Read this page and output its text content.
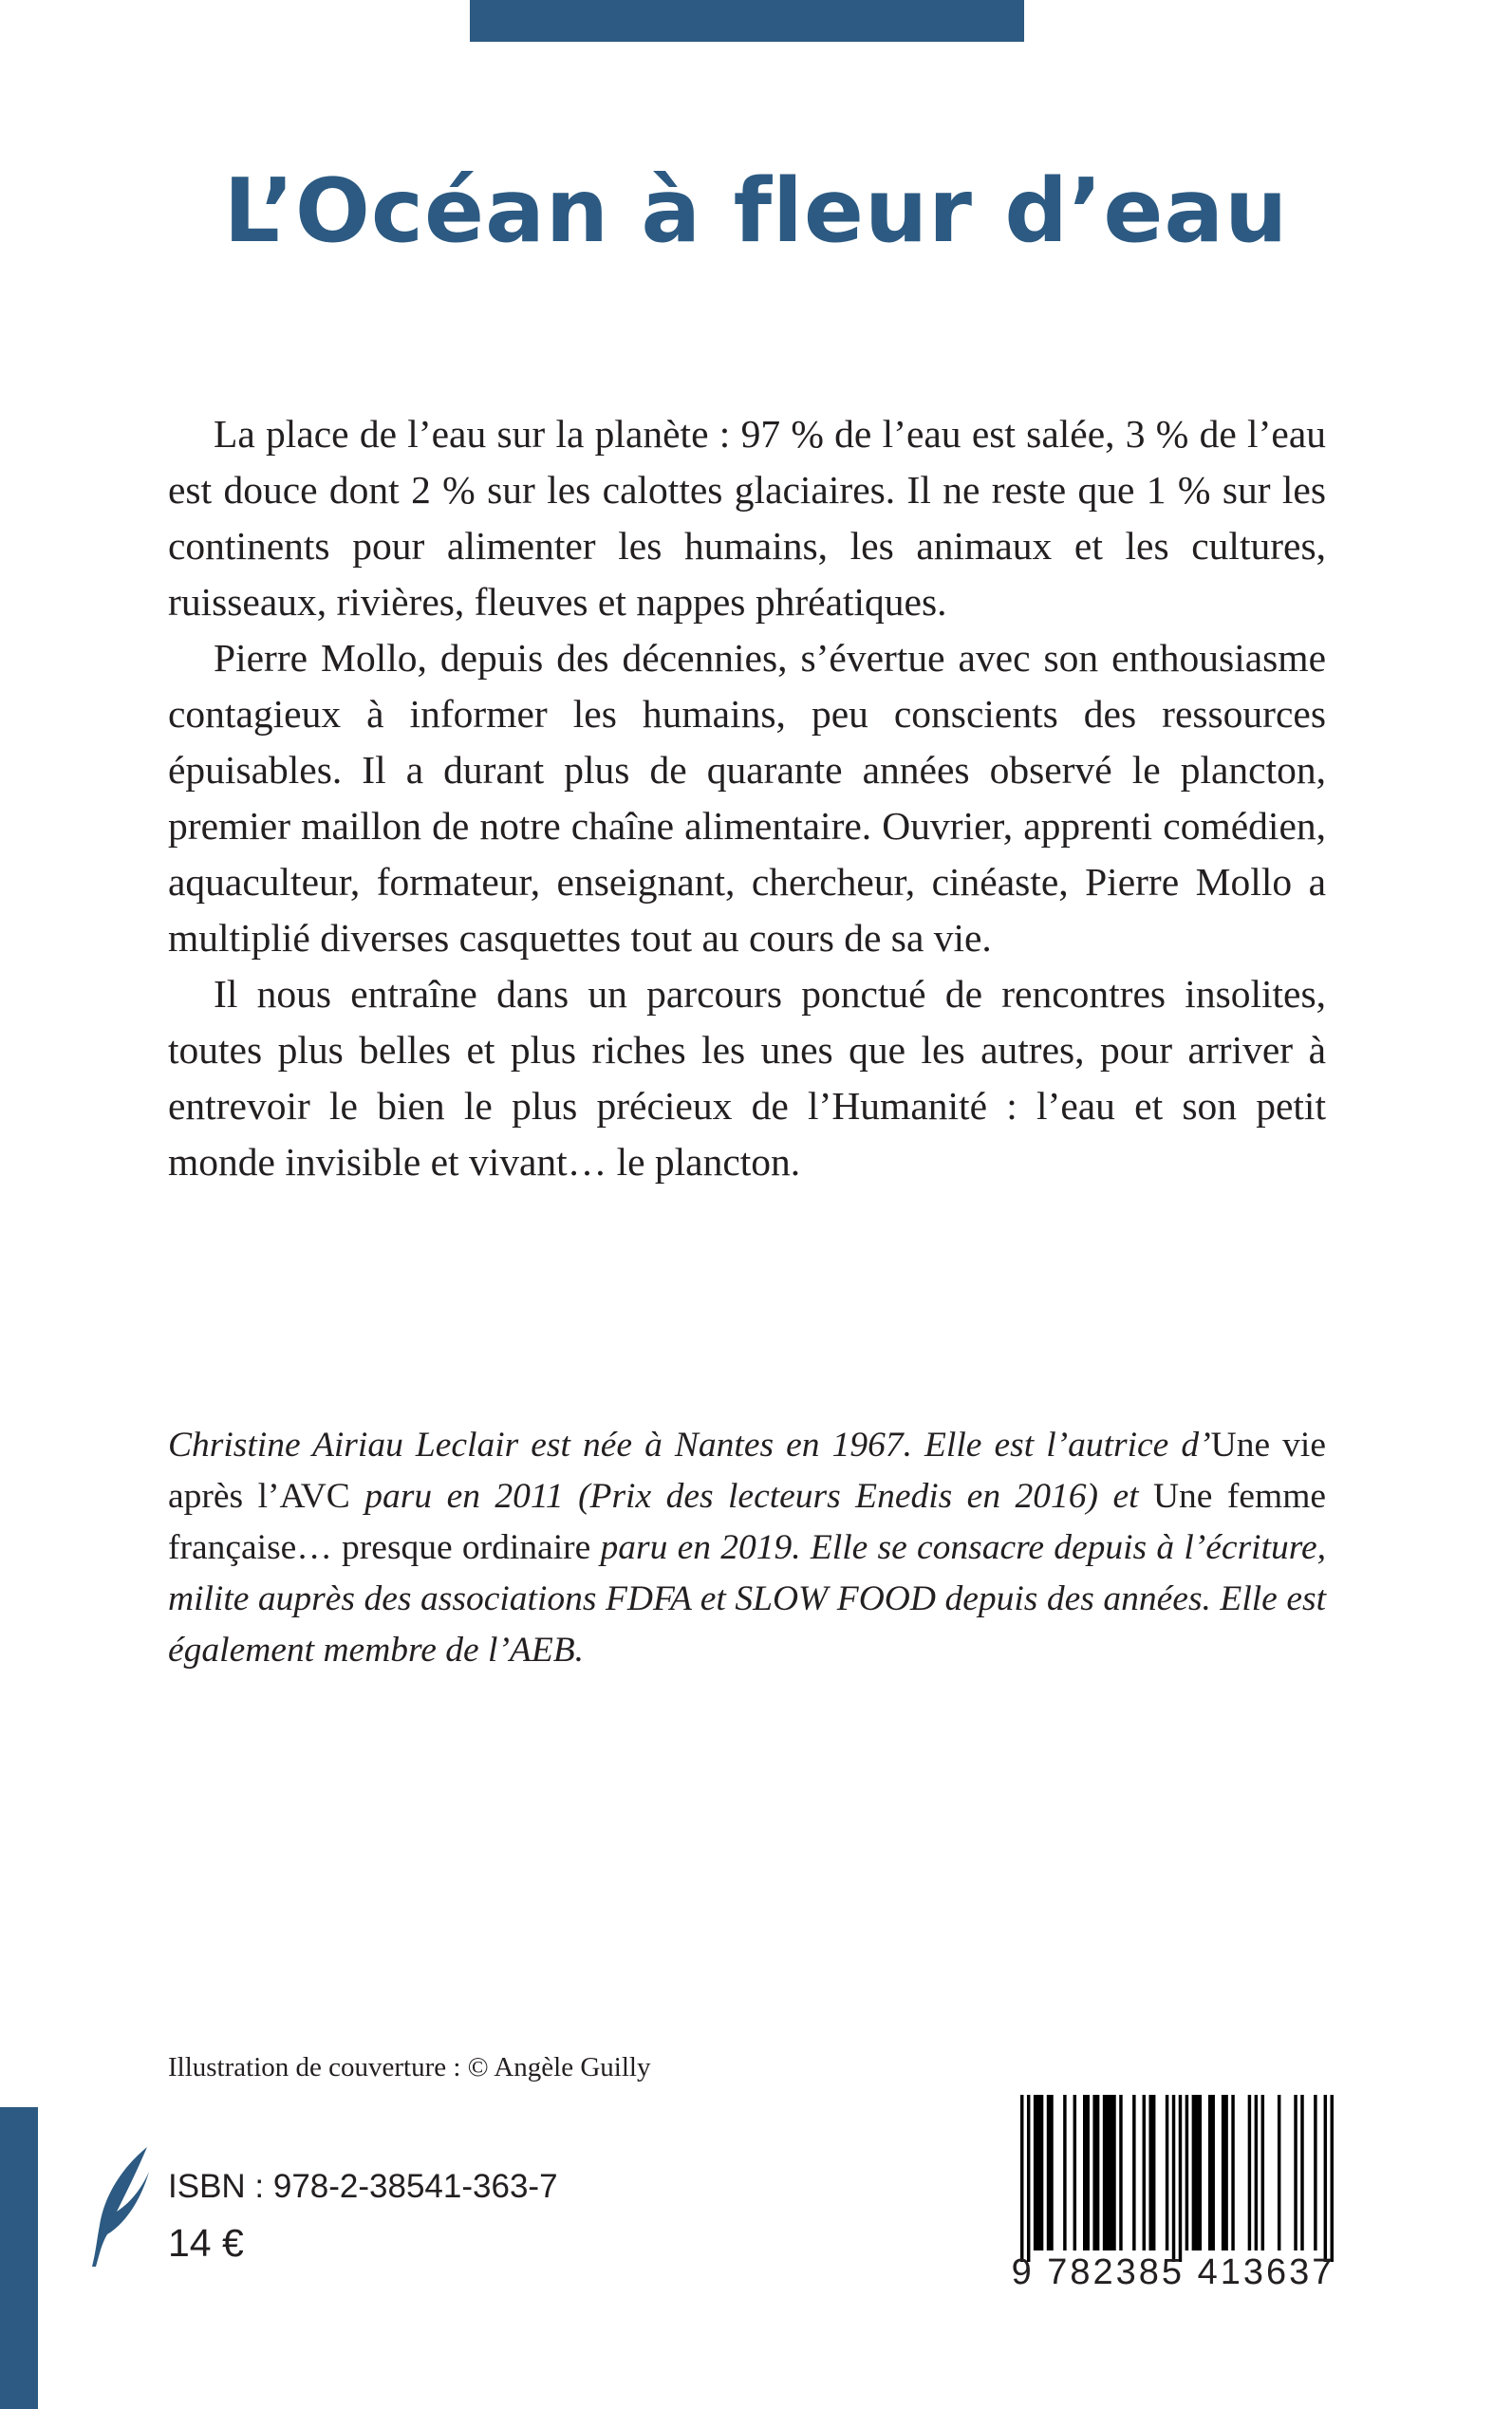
L’Océan à fleur d’eau

La place de l’eau sur la planète : 97 % de l’eau est salée, 3 % de l’eau est douce dont 2 % sur les calottes glaciaires. Il ne reste que 1 % sur les continents pour alimenter les humains, les animaux et les cultures, ruisseaux, rivières, fleuves et nappes phréatiques.

Pierre Mollo, depuis des décennies, s’évertue avec son enthousiasme contagieux à informer les humains, peu conscients des ressources épuisables. Il a durant plus de quarante années observé le plancton, premier maillon de notre chaîne alimentaire. Ouvrier, apprenti comédien, aquaculteur, formateur, enseignant, chercheur, cinéaste, Pierre Mollo a multiplié diverses casquettes tout au cours de sa vie.

Il nous entraîne dans un parcours ponctué de rencontres insolites, toutes plus belles et plus riches les unes que les autres, pour arriver à entrevoir le bien le plus précieux de l’Humanité : l’eau et son petit monde invisible et vivant… le plancton.

Christine Airiau Leclair est née à Nantes en 1967. Elle est l’autrice d’Une vie après l’AVC paru en 2011 (Prix des lecteurs Enedis en 2016) et Une femme française… presque ordinaire paru en 2019. Elle se consacre depuis à l’écriture, milite auprès des associations FDFA et SLOW FOOD depuis des années. Elle est également membre de l’AEB.

Illustration de couverture : © Angèle Guilly

ISBN : 978-2-38541-363-7

14 €

9 782385 413637
